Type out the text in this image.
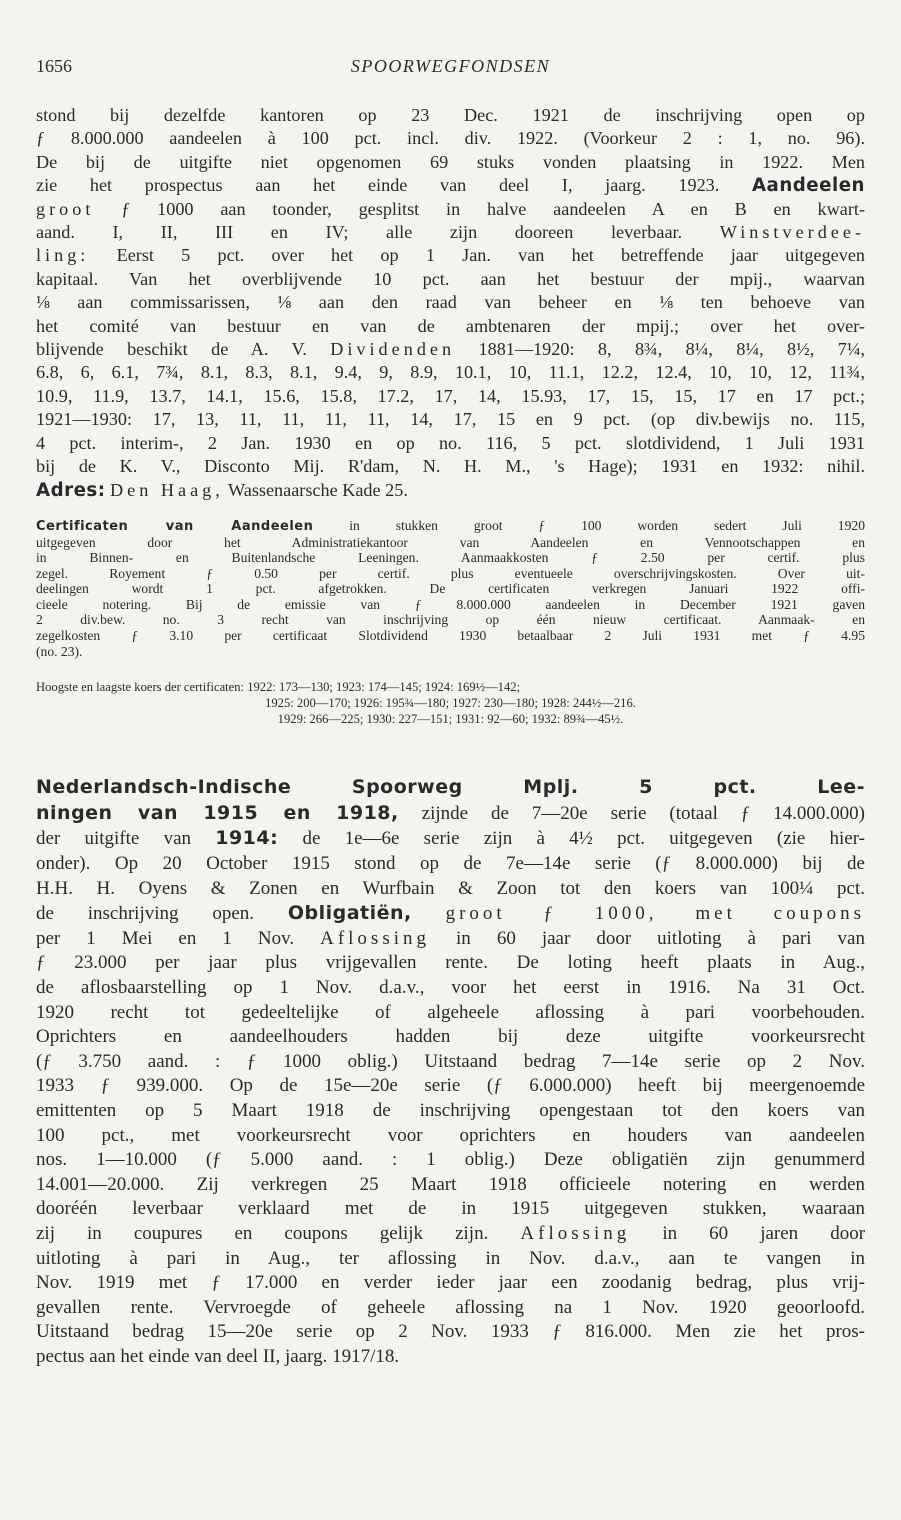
1656	SPOORWEGFONDSEN
stond bij dezelfde kantoren op 23 Dec. 1921 de inschrijving open op
ƒ 8.000.000 aandeelen à 100 pct. incl. div. 1922. (Voorkeur 2 : 1, no. 96).
De bij de uitgifte niet opgenomen 69 stuks vonden plaatsing in 1922. Men
zie het prospectus aan het einde van deel I, jaarg. 1923. Aandeelen
groot ƒ 1000 aan toonder, gesplitst in halve aandeelen A en B en kwart-
aand. I, II, III en IV; alle zijn dooreen leverbaar. Winstverdee-
ling: Eerst 5 pct. over het op 1 Jan. van het betreffende jaar uitgegeven
kapitaal. Van het overblijvende 10 pct. aan het bestuur der mpij., waarvan
⅛ aan commissarissen, ⅛ aan den raad van beheer en ⅛ ten behoeve van
het comité van bestuur en van de ambtenaren der mpij.; over het over-
blijvende beschikt de A. V. Dividenden 1881—1920: 8, 8¾, 8¼, 8¼, 8½, 7¼,
6.8, 6, 6.1, 7¾, 8.1, 8.3, 8.1, 9.4, 9, 8.9, 10.1, 10, 11.1, 12.2, 12.4, 10, 10, 12, 11¾,
10.9, 11.9, 13.7, 14.1, 15.6, 15.8, 17.2, 17, 14, 15.93, 17, 15, 15, 17 en 17 pct.;
1921—1930: 17, 13, 11, 11, 11, 11, 14, 17, 15 en 9 pct. (op div.bewijs no. 115,
4 pct. interim-, 2 Jan. 1930 en op no. 116, 5 pct. slotdividend, 1 Juli 1931
bij de K. V., Disconto Mij. R'dam, N. H. M., 's Hage); 1931 en 1932: nihil.
Adres: Den Haag, Wassenaarsche Kade 25.
Certificaten van Aandeelen	in stukken groot ƒ 100 worden sedert Juli 1920
uitgegeven door het Administratiekantoor van Aandeelen en Vennootschappen en
in Binnen- en Buitenlandsche Leeningen. Aanmaakkosten ƒ 2.50 per certif. plus
zegel. Royement ƒ 0.50 per certif. plus eventueele overschrijvingskosten. Over uit-
deelingen wordt 1 pct. afgetrokken. De certificaten verkregen Januari 1922 offi-
cieele notering. Bij de emissie van ƒ 8.000.000 aandeelen in December 1921 gaven
2 div.bew. no. 3 recht van inschrijving op één nieuw certificaat. Aanmaak- en
zegelkosten ƒ 3.10 per certificaat Slotdividend 1930 betaalbaar 2 Juli 1931 met ƒ 4.95
(no. 23).
Hoogste en laagste koers der certificaten: 1922: 173—130; 1923: 174—145; 1924: 169½—142;
1925: 200—170; 1926: 195¾—180; 1927: 230—180; 1928: 244½—216.
1929: 266—225; 1930: 227—151; 1931: 92—60; 1932: 89¾—45½.
Nederlandsch-Indische Spoorweg Mplj. 5 pct. Lee-
ningen van 1915 en 1918, zijnde de 7—20e serie (totaal ƒ 14.000.000)
der uitgifte van 1914: de 1e—6e serie zijn à 4½ pct. uitgegeven (zie hier-
onder). Op 20 October 1915 stond op de 7e—14e serie (ƒ 8.000.000) bij de
H.H. H. Oyens & Zonen en Wurfbain & Zoon tot den koers van 100¼ pct.
de inschrijving open. Obligatiën, groot ƒ 1000, met coupons
per 1 Mei en 1 Nov. Aflossing in 60 jaar door uitloting à pari van
ƒ 23.000 per jaar plus vrijgevallen rente. De loting heeft plaats in Aug.,
de aflosbaarstelling op 1 Nov. d.a.v., voor het eerst in 1916. Na 31 Oct.
1920 recht tot gedeeltelijke of algeheele aflossing à pari voorbehouden.
Oprichters en aandeelhouders hadden bij deze uitgifte voorkeursrecht
(ƒ 3.750 aand. : ƒ 1000 oblig.) Uitstaand bedrag 7—14e serie op 2 Nov.
1933 ƒ 939.000. Op de 15e—20e serie (ƒ 6.000.000) heeft bij meergenoemde
emittenten op 5 Maart 1918 de inschrijving opengestaan tot den koers van
100 pct., met voorkeursrecht voor oprichters en houders van aandeelen
nos. 1—10.000 (ƒ 5.000 aand. : 1 oblig.) Deze obligatiën zijn genummerd
14.001—20.000. Zij verkregen 25 Maart 1918 officieele notering en werden
dooréén leverbaar verklaard met de in 1915 uitgegeven stukken, waaraan
zij in coupures en coupons gelijk zijn. Aflossing in 60 jaren door
uitloting à pari in Aug., ter aflossing in Nov. d.a.v., aan te vangen in
Nov. 1919 met ƒ 17.000 en verder ieder jaar een zoodanig bedrag, plus vrij-
gevallen rente. Vervroegde of geheele aflossing na 1 Nov. 1920 geoorloofd.
Uitstaand bedrag 15—20e serie op 2 Nov. 1933 ƒ 816.000. Men zie het pros-
pectus aan het einde van deel II, jaarg. 1917/18.
